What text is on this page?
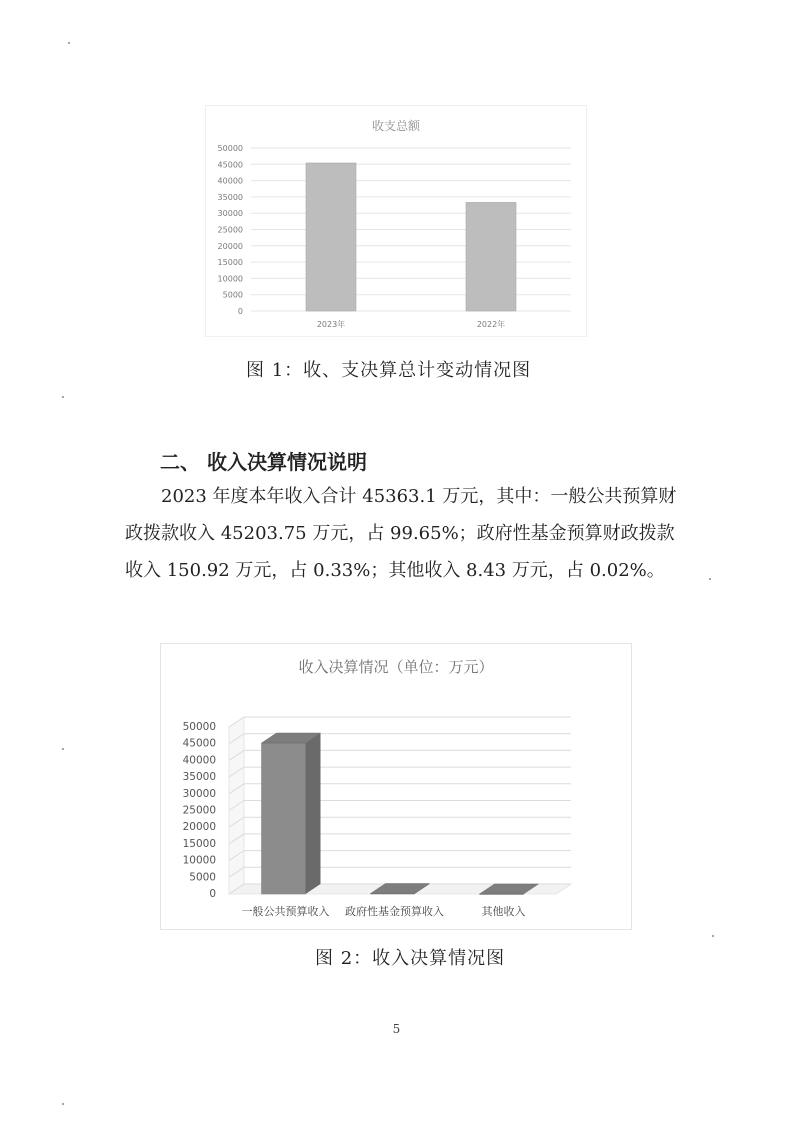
收支总额
0
5000
10000
15000
20000
25000
30000
35000
40000
45000
50000
2023年	2022年
图 1：收、支决算总计变动情况图
二、 收入决算情况说明

2023 年度本年收入合计 45363.1 万元，其中：一般公共预算财政拨款收入 45203.75 万元，占 99.65%；政府性基金预算财政拨款收入 150.92 万元，占 0.33%；其他收入 8.43 万元，占 0.02%。

收入决算情况（单位：万元）
0
5000
10000
15000
20000
25000
30000
35000
40000
45000
50000
一般公共预算收入 政府性基金预算收入	其他收入
图 2：收入决算情况图
5
